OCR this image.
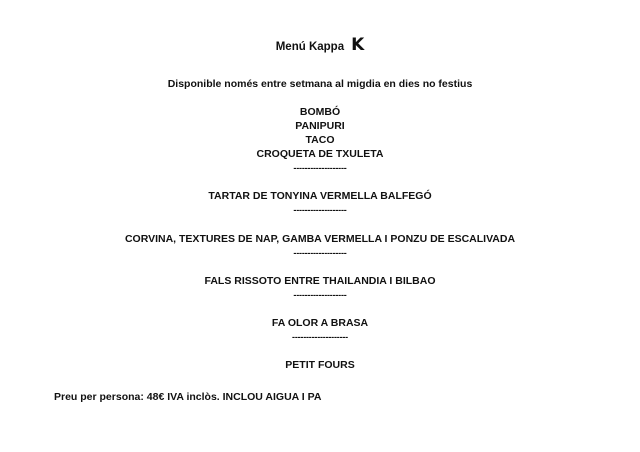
Menú Kappa K
Disponible només entre setmana al migdia en dies no festius
BOMBÓ
PANIPURI
TACO
CROQUETA DE TXULETA
-------------------
TARTAR DE TONYINA VERMELLA BALFEGÓ
-------------------
CORVINA, TEXTURES DE NAP, GAMBA VERMELLA I PONZU DE ESCALIVADA
-------------------
FALS RISSOTO ENTRE THAILANDIA I BILBAO
-------------------
FA OLOR A BRASA
--------------------
PETIT FOURS
Preu per persona: 48€ IVA inclòs. INCLOU AIGUA I PA
